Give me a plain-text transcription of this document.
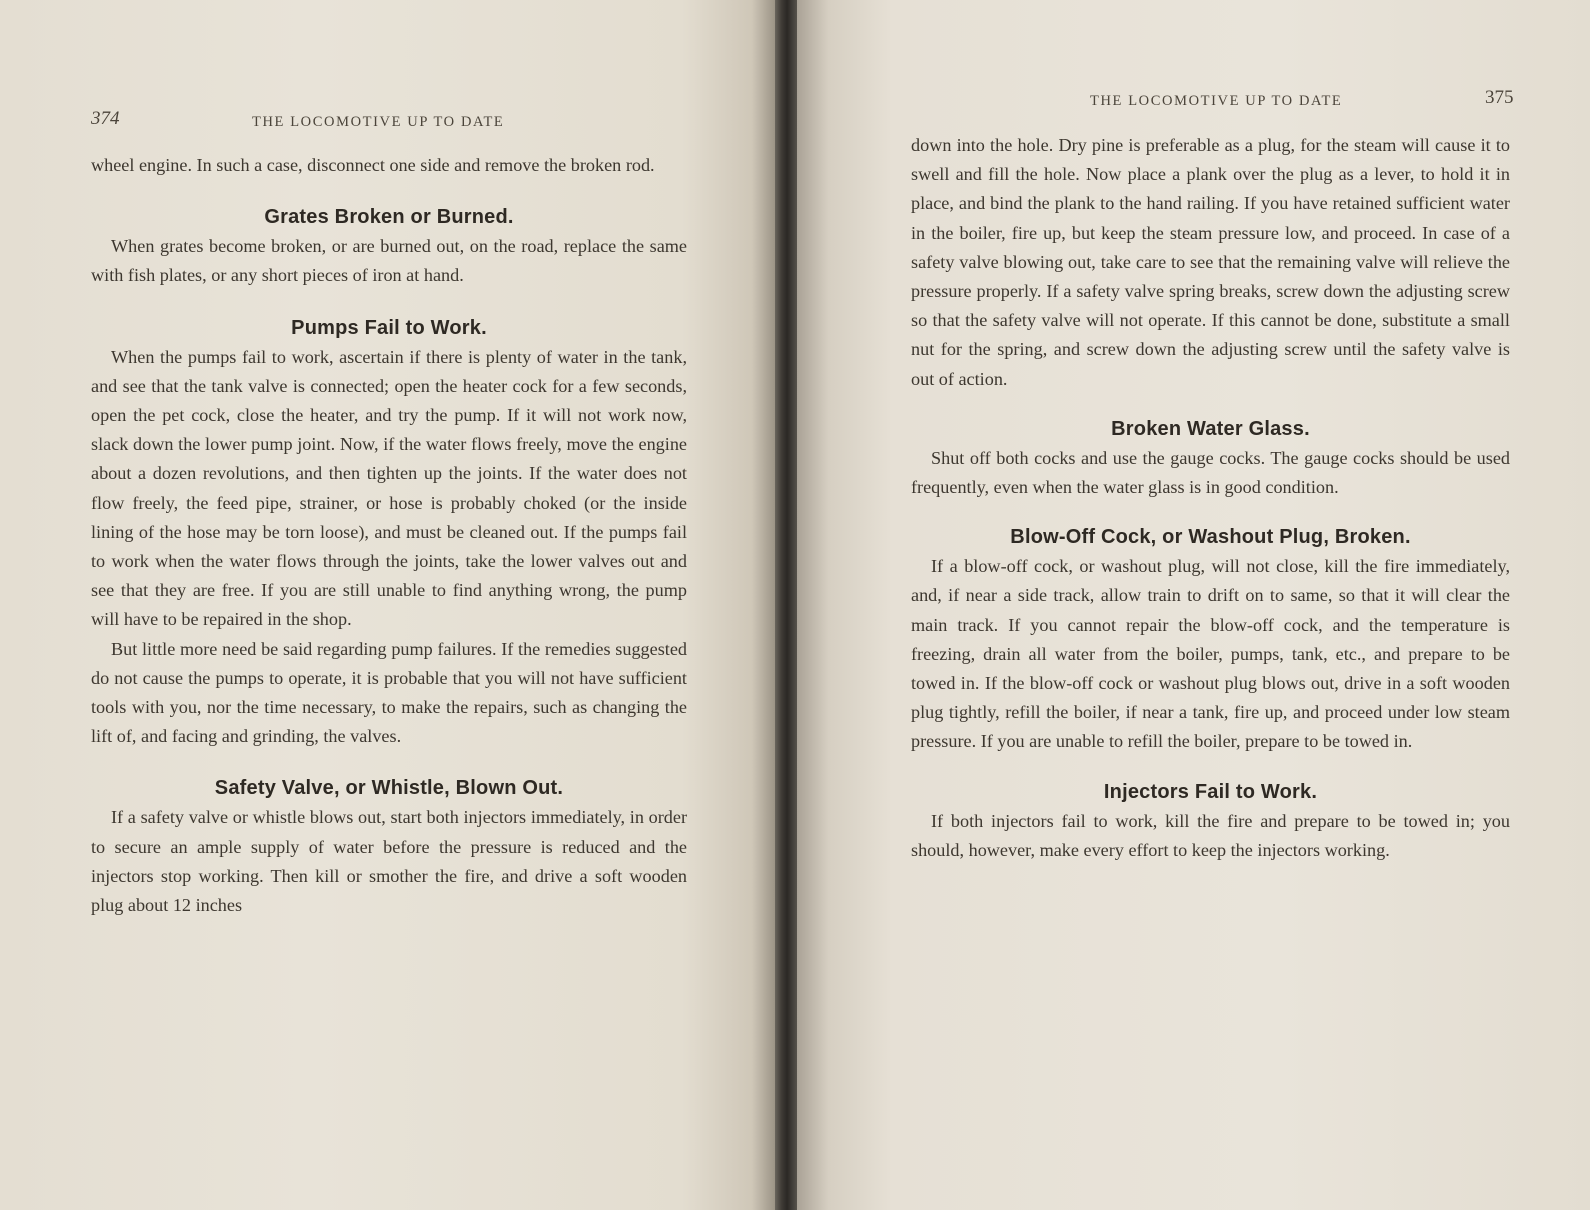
374	THE LOCOMOTIVE UP TO DATE

wheel engine. In such a case, disconnect one side and remove the broken rod.

Grates Broken or Burned.

When grates become broken, or are burned out, on the road, replace the same with fish plates, or any short pieces of iron at hand.

Pumps Fail to Work.

When the pumps fail to work, ascertain if there is plenty of water in the tank, and see that the tank valve is connected; open the heater cock for a few seconds, open the pet cock, close the heater, and try the pump. If it will not work now, slack down the lower pump joint. Now, if the water flows freely, move the engine about a dozen revolutions, and then tighten up the joints. If the water does not flow freely, the feed pipe, strainer, or hose is probably choked (or the inside lining of the hose may be torn loose), and must be cleaned out. If the pumps fail to work when the water flows through the joints, take the lower valves out and see that they are free. If you are still unable to find anything wrong, the pump will have to be repaired in the shop.

But little more need be said regarding pump failures. If the remedies suggested do not cause the pumps to operate, it is probable that you will not have sufficient tools with you, nor the time necessary, to make the repairs, such as changing the lift of, and facing and grinding, the valves.

Safety Valve, or Whistle, Blown Out.

If a safety valve or whistle blows out, start both injectors immediately, in order to secure an ample supply of water before the pressure is reduced and the injectors stop working. Then kill or smother the fire, and drive a soft wooden plug about 12 inches

THE LOCOMOTIVE UP TO DATE	375

down into the hole. Dry pine is preferable as a plug, for the steam will cause it to swell and fill the hole. Now place a plank over the plug as a lever, to hold it in place, and bind the plank to the hand railing. If you have retained sufficient water in the boiler, fire up, but keep the steam pressure low, and proceed. In case of a safety valve blowing out, take care to see that the remaining valve will relieve the pressure properly. If a safety valve spring breaks, screw down the adjusting screw so that the safety valve will not operate. If this cannot be done, substitute a small nut for the spring, and screw down the adjusting screw until the safety valve is out of action.

Broken Water Glass.

Shut off both cocks and use the gauge cocks. The gauge cocks should be used frequently, even when the water glass is in good condition.

Blow-Off Cock, or Washout Plug, Broken.

If a blow-off cock, or washout plug, will not close, kill the fire immediately, and, if near a side track, allow train to drift on to same, so that it will clear the main track. If you cannot repair the blow-off cock, and the temperature is freezing, drain all water from the boiler, pumps, tank, etc., and prepare to be towed in. If the blow-off cock or washout plug blows out, drive in a soft wooden plug tightly, refill the boiler, if near a tank, fire up, and proceed under low steam pressure. If you are unable to refill the boiler, prepare to be towed in.

Injectors Fail to Work.

If both injectors fail to work, kill the fire and prepare to be towed in; you should, however, make every effort to keep the injectors working.
